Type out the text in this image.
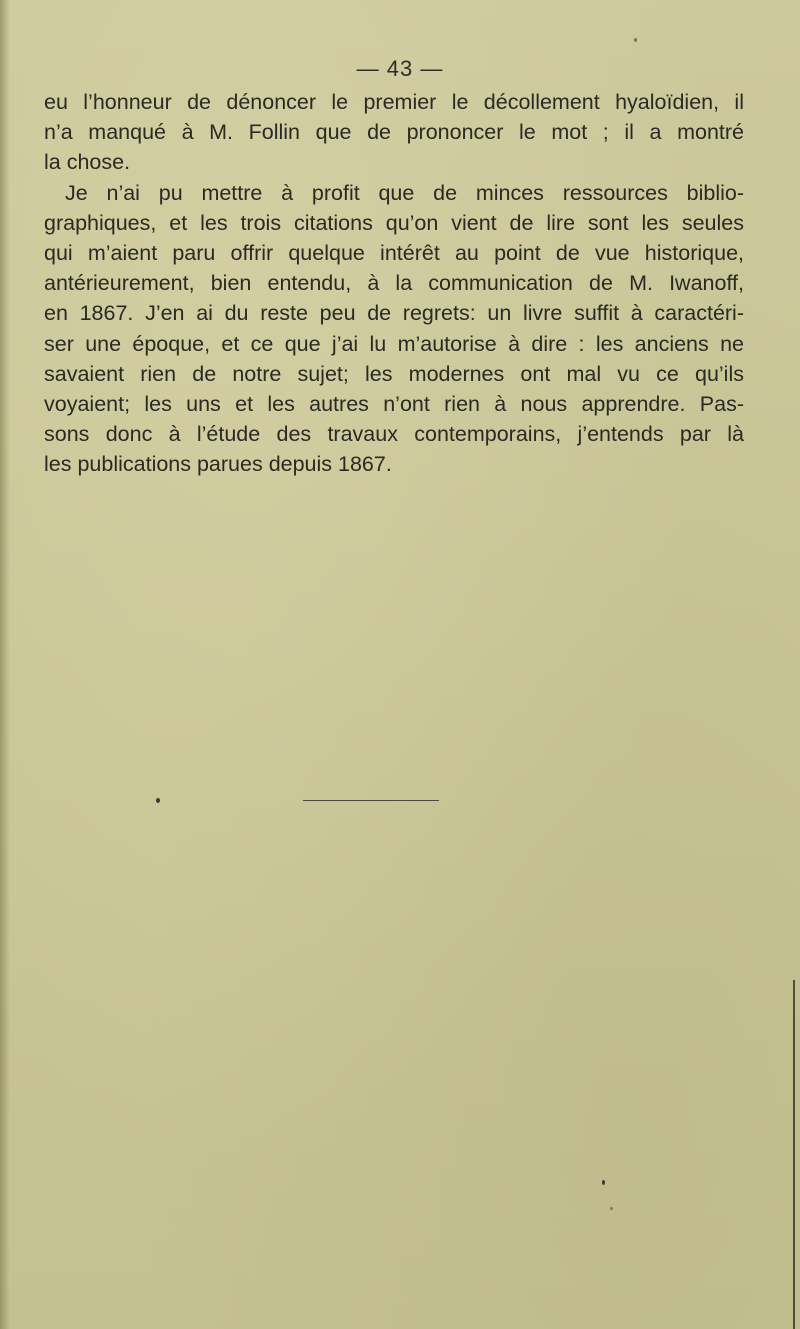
— 43 —
eu l’honneur de dénoncer le premier le décollement hyaloïdien, il
n’a manqué à M. Follin que de prononcer le mot ; il a montré
la chose.
Je n’ai pu mettre à profit que de minces ressources biblio-
graphiques, et les trois citations qu’on vient de lire sont les seules
qui m’aient paru offrir quelque intérêt au point de vue historique,
antérieurement, bien entendu, à la communication de M. Iwanoff,
en 1867. J’en ai du reste peu de regrets: un livre suffit à caractéri-
ser une époque, et ce que j’ai lu m’autorise à dire : les anciens ne
savaient rien de notre sujet; les modernes ont mal vu ce qu’ils
voyaient; les uns et les autres n’ont rien à nous apprendre. Pas-
sons donc à l’étude des travaux contemporains, j’entends par là
les publications parues depuis 1867.
